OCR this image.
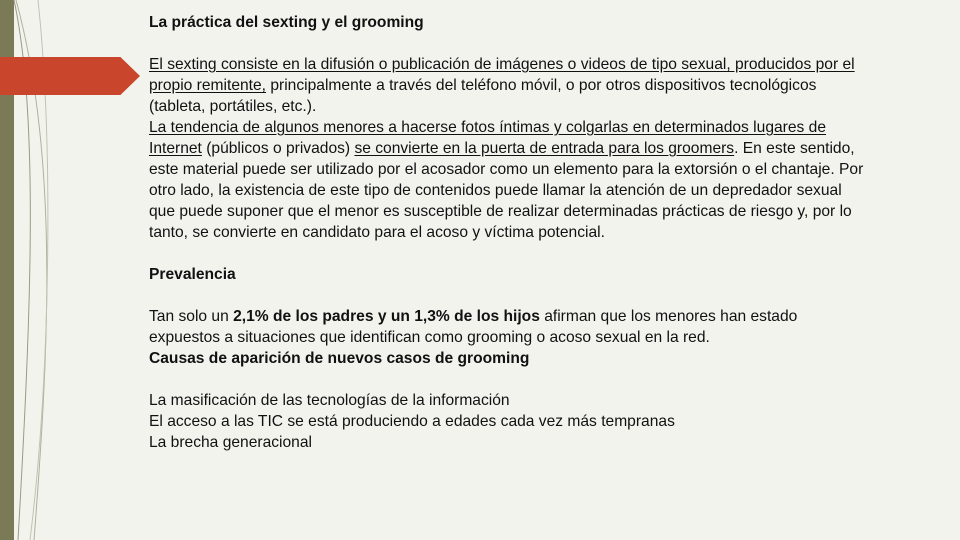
La práctica del sexting y el grooming

El sexting consiste en la difusión o publicación de imágenes o videos de tipo sexual, producidos por el propio remitente, principalmente a través del teléfono móvil, o por otros dispositivos tecnológicos (tableta, portátiles, etc.).

La tendencia de algunos menores a hacerse fotos íntimas y colgarlas en determinados lugares de Internet (públicos o privados) se convierte en la puerta de entrada para los groomers. En este sentido, este material puede ser utilizado por el acosador como un elemento para la extorsión o el chantaje. Por otro lado, la existencia de este tipo de contenidos puede llamar la atención de un depredador sexual que puede suponer que el menor es susceptible de realizar determinadas prácticas de riesgo y, por lo tanto, se convierte en candidato para el acoso y víctima potencial.

Prevalencia

Tan solo un 2,1% de los padres y un 1,3% de los hijos afirman que los menores han estado expuestos a situaciones que identifican como grooming o acoso sexual en la red.

Causas de aparición de nuevos casos de grooming

La masificación de las tecnologías de la información

El acceso a las TIC se está produciendo a edades cada vez más tempranas

La brecha generacional
